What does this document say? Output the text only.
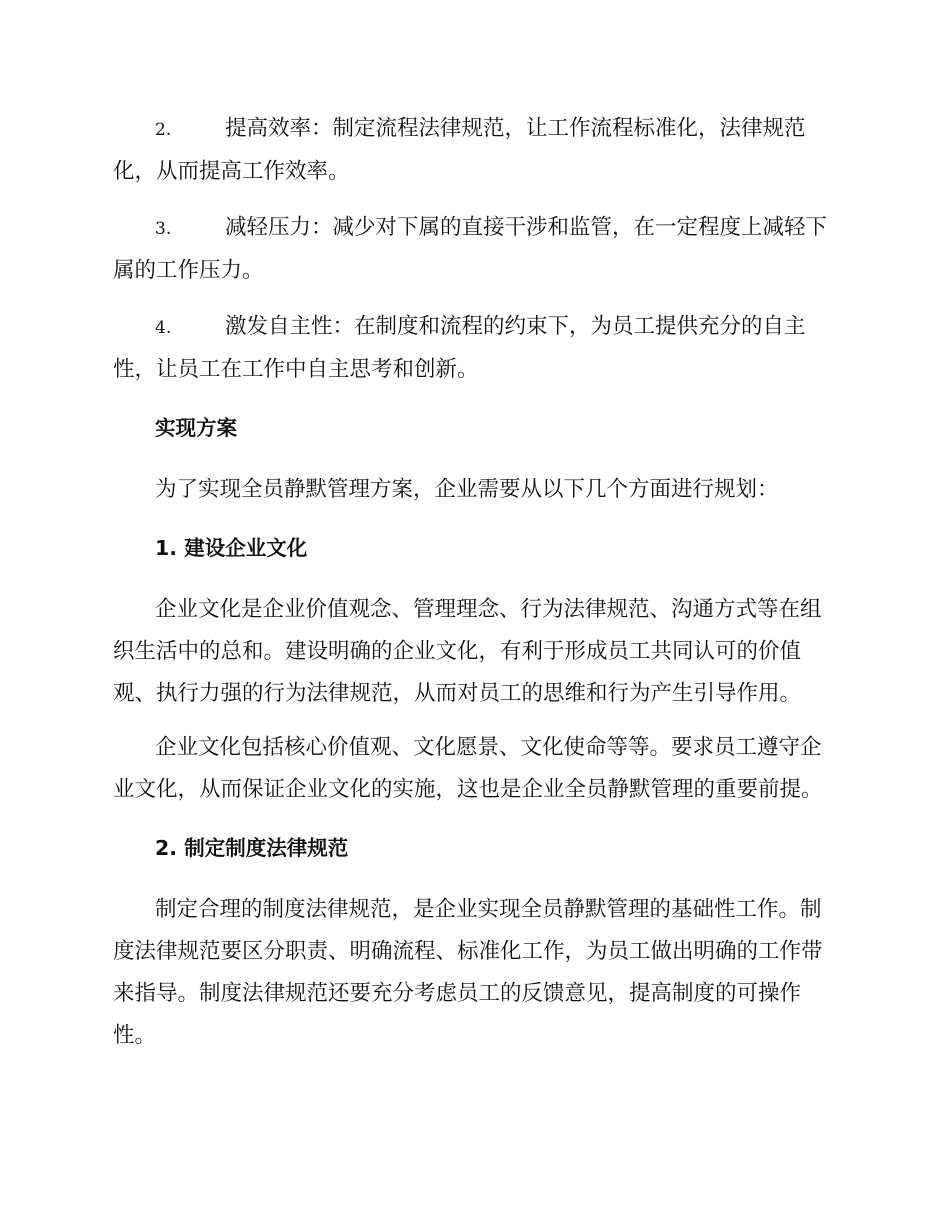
2.	提高效率：制定流程法律规范，让工作流程标准化，法律规范化，从而提高工作效率。

3.	减轻压力：减少对下属的直接干涉和监管，在一定程度上减轻下属的工作压力。

4.	激发自主性：在制度和流程的约束下，为员工提供充分的自主性，让员工在工作中自主思考和创新。

实现方案

为了实现全员静默管理方案，企业需要从以下几个方面进行规划：

1. 建设企业文化

企业文化是企业价值观念、管理理念、行为法律规范、沟通方式等在组织生活中的总和。建设明确的企业文化，有利于形成员工共同认可的价值观、执行力强的行为法律规范，从而对员工的思维和行为产生引导作用。

企业文化包括核心价值观、文化愿景、文化使命等等。要求员工遵守企业文化，从而保证企业文化的实施，这也是企业全员静默管理的重要前提。

2. 制定制度法律规范

制定合理的制度法律规范，是企业实现全员静默管理的基础性工作。制度法律规范要区分职责、明确流程、标准化工作，为员工做出明确的工作带来指导。制度法律规范还要充分考虑员工的反馈意见，提高制度的可操作性。
